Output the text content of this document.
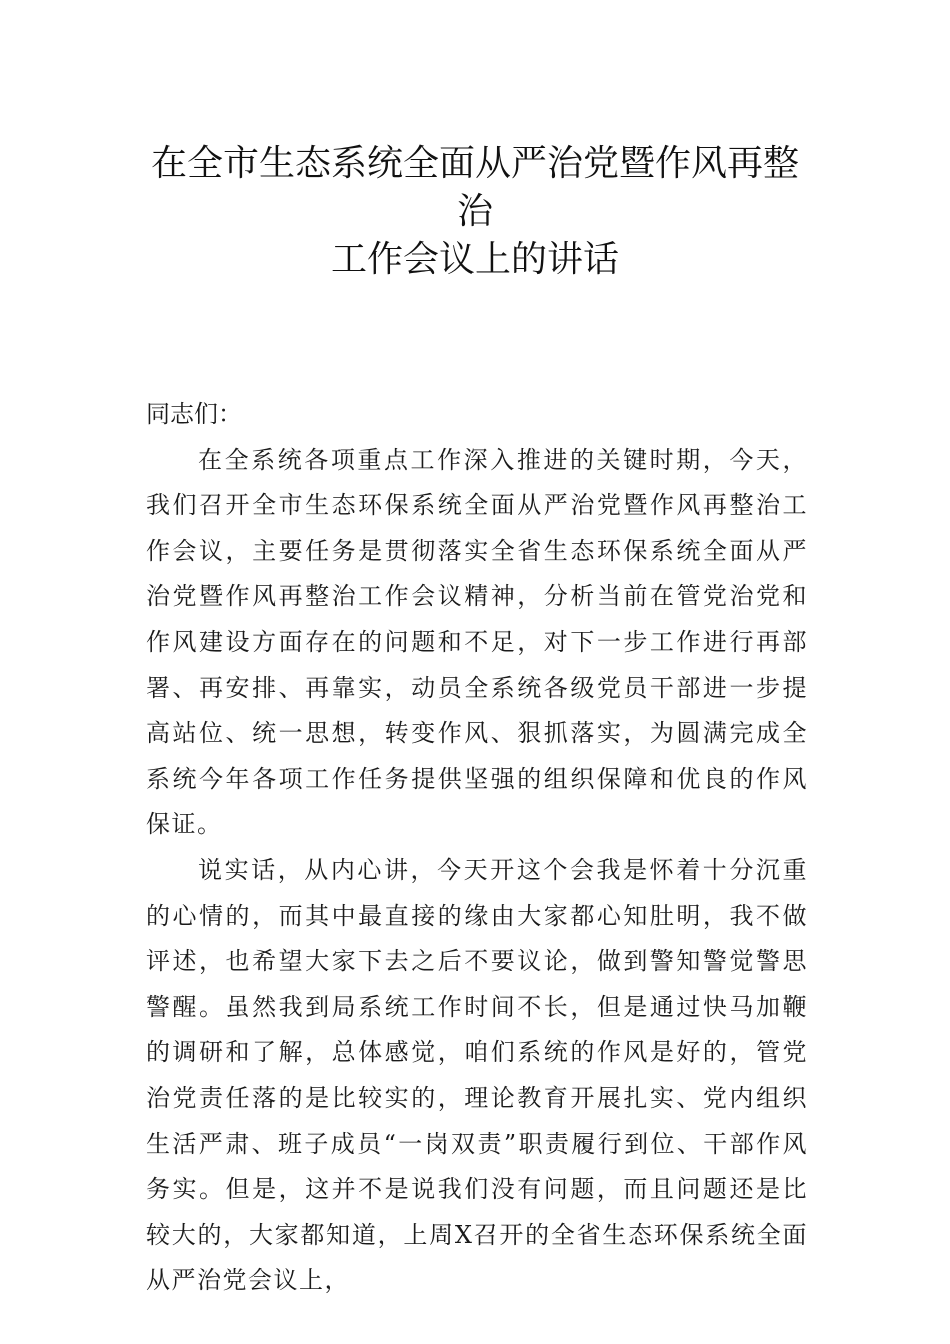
在全市生态系统全面从严治党暨作风再整
治
工作会议上的讲话

同志们：

在全系统各项重点工作深入推进的关键时期，今天，我们召开全市生态环保系统全面从严治党暨作风再整治工作会议，主要任务是贯彻落实全省生态环保系统全面从严治党暨作风再整治工作会议精神，分析当前在管党治党和作风建设方面存在的问题和不足，对下一步工作进行再部署、再安排、再靠实，动员全系统各级党员干部进一步提高站位、统一思想，转变作风、狠抓落实，为圆满完成全系统今年各项工作任务提供坚强的组织保障和优良的作风保证。

说实话，从内心讲，今天开这个会我是怀着十分沉重的心情的，而其中最直接的缘由大家都心知肚明，我不做评述，也希望大家下去之后不要议论，做到警知警觉警思警醒。虽然我到局系统工作时间不长，但是通过快马加鞭的调研和了解，总体感觉，咱们系统的作风是好的，管党治党责任落的是比较实的，理论教育开展扎实、党内组织生活严肃、班子成员“一岗双责”职责履行到位、干部作风务实。但是，这并不是说我们没有问题，而且问题还是比较大的，大家都知道，上周X召开的全省生态环保系统全面从严治党会议上，
